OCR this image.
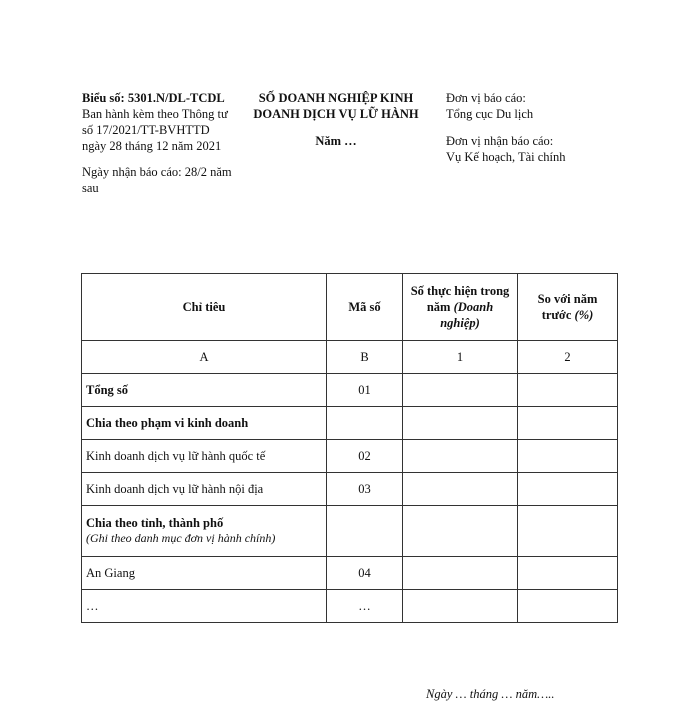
Biểu số: 5301.N/DL-TCDL
Ban hành kèm theo Thông tư số 17/2021/TT-BVHTTD ngày 28 tháng 12 năm 2021
Ngày nhận báo cáo: 28/2 năm sau
SỐ DOANH NGHIỆP KINH DOANH DỊCH VỤ LỮ HÀNH
Năm …
Đơn vị báo cáo:
Tổng cục Du lịch
Đơn vị nhận báo cáo:
Vụ Kế hoạch, Tài chính
Chỉ tiêu	Mã số	Số thực hiện trong năm (Doanh nghiệp)	So với năm trước (%)
A	B	1	2
Tổng số	01		
Chia theo phạm vi kinh doanh			
Kinh doanh dịch vụ lữ hành quốc tế	02		
Kinh doanh dịch vụ lữ hành nội địa	03		
Chia theo tỉnh, thành phố
(Ghi theo danh mục đơn vị hành chính)			

An Giang	04		
…	…		
Ngày … tháng … năm…..
